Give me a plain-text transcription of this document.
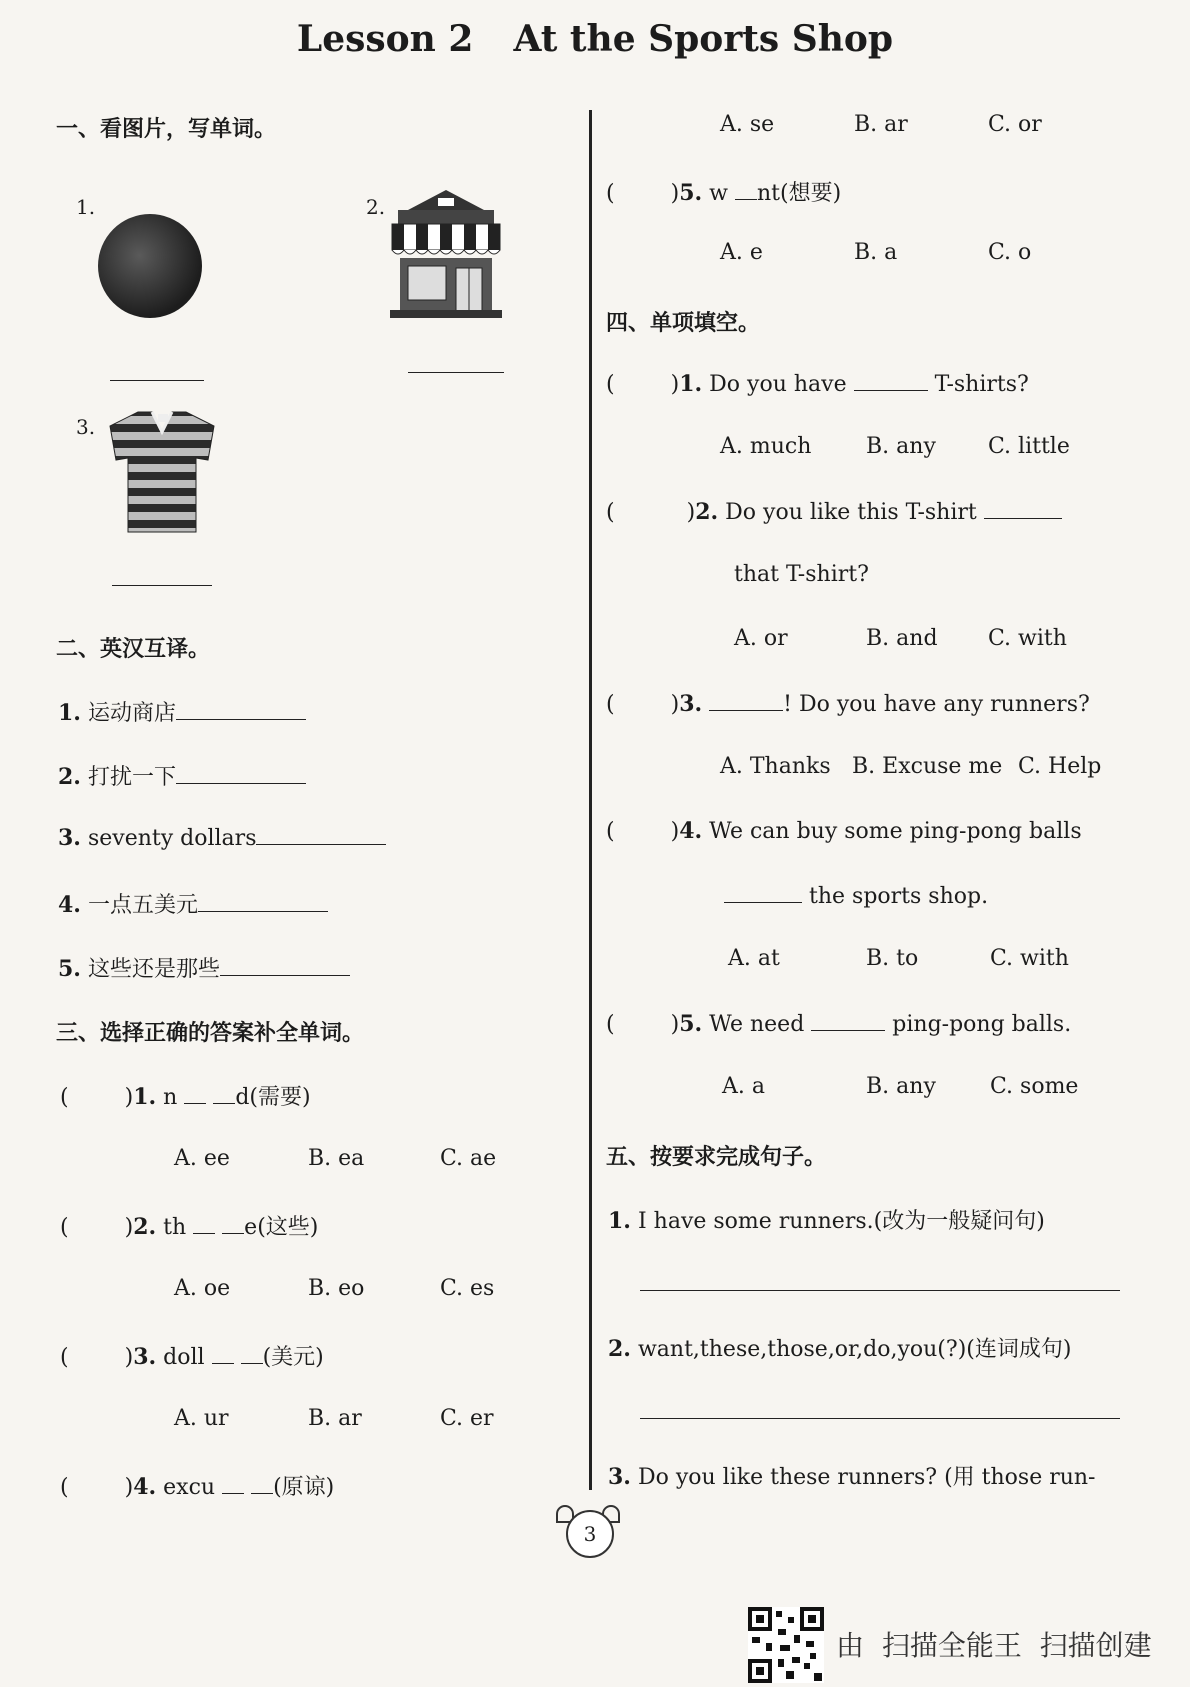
Lesson 2 At the Sports Shop
一、看图片，写单词。
1.	2.
3.
二、英汉互译。
1. 运动商店
2. 打扰一下
3. seventy dollars
4. 一点五美元
5. 这些还是那些
三、选择正确的答案补全单词。
(	)1. n	d(需要)
A. ee	B. ea	C. ae
(	)2. th	e(这些)
A. oe	B. eo	C. es
(	)3. doll	(美元)
A. ur	B. ar	C. er
(	)4. excu	(原谅)
A. se	B. ar	C. or
(	)5. w nt(想要)
A. e	B. a	C. o
四、单项填空。
(	)1. Do you have	T-shirts?
A. much B. any C. little
(	)2. Do you like this T-shirt
that T-shirt?
A. or	B. and C. with
(	)3.	! Do you have any runners?
A. Thanks B. Excuse me C. Help
(	)4. We can buy some ping-pong balls
the sports shop.
A. at	B. to	C. with
(	)5. We need	ping-pong balls.
A. a	B. any C. some
五、按要求完成句子。
1. I have some runners.(改为一般疑问句)
2. want,these,those,or,do,you(?)(连词成句)
3. Do you like these runners? (用 those run-
3
由 扫描全能王 扫描创建
